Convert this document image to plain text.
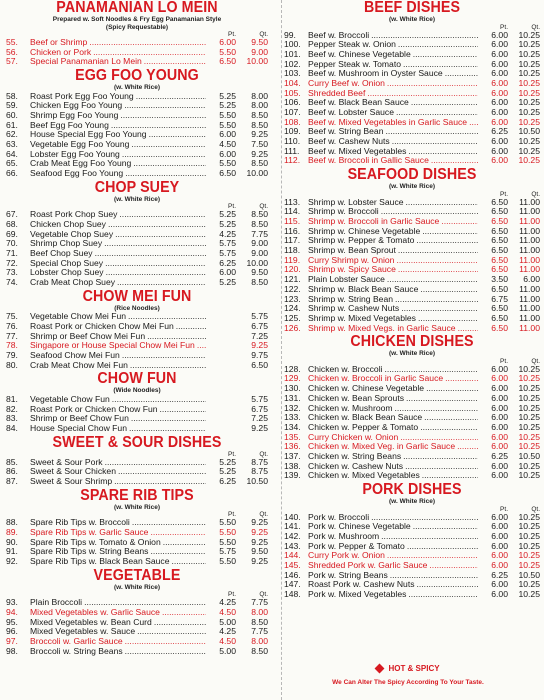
PANAMANIAN LO MEIN
Prepared w. Soft Noodles & Fry Egg Panamanian Style
(Spicy Requestable)
Pt.	Qt.
55.	Beef or Shrimp .....	6.00	9.50
56.	Chicken or Pork .....	5.50	9.00
57.	Special Panamanian Lo Mein .....	6.50	10.00
EGG FOO YOUNG
(w. White Rice)
58.	Roast Pork Egg Foo Young .....	5.25	8.00
59.	Chicken Egg Foo Young .....	5.25	8.00
60.	Shrimp Egg Foo Young .....	5.50	8.50
61.	Beef Egg Foo Young .....	5.50	8.50
62.	House Special Egg Foo Young .....	6.00	9.25
63.	Vegetable Egg Foo Young .....	4.50	7.50
64.	Lobster Egg Foo Young .....	6.00	9.25
65.	Crab Meat Egg Foo Young .....	5.50	8.50
66.	Seafood Egg Foo Young .....	6.50	10.00
CHOP SUEY
(w. White Rice)
Pt.	Qt.
67.	Roast Pork Chop Suey .....	5.25	8.50
68.	Chicken Chop Suey .....	5.25	8.50
69.	Vegetable Chop Suey .....	4.25	7.75
70.	Shrimp Chop Suey .....	5.75	9.00
71.	Beef Chop Suey .....	5.75	9.00
72.	Special Chop Suey .....	6.25	10.00
73.	Lobster Chop Suey .....	6.00	9.50
74.	Crab Meat Chop Suey .....	5.25	8.50
CHOW MEI FUN
(Rice Noodles)
75.	Vegetable Chow Mei Fun .....	5.75
76.	Roast Pork or Chicken Chow Mei Fun .....	6.75
77.	Shrimp or Beef Chow Mei Fun .....	7.25
78.	Singapore or House Special Chow Mei Fun .....	9.25
79.	Seafood Chow Mei Fun .....	9.75
80.	Crab Meat Chow Mei Fun .....	6.50
CHOW FUN
(Wide Noodles)
81.	Vegetable Chow Fun .....	5.75
82.	Roast Pork or Chicken Chow Fun .....	6.75
83.	Shrimp or Beef Chow Fun .....	7.25
84.	House Special Chow Fun .....	9.25
SWEET & SOUR DISHES
Pt.	Qt.
85.	Sweet & Sour Pork .....	5.25	8.75
86.	Sweet & Sour Chicken .....	5.25	8.75
87.	Sweet & Sour Shrimp .....	6.25	10.50
SPARE RIB TIPS
(w. White Rice)
Pt.	Qt.
88.	Spare Rib Tips w. Broccoli .....	5.50	9.25
89.	Spare Rib Tips w. Garlic Sauce .....	5.50	9.25
90.	Spare Rib Tips w. Tomato & Onion .....	5.50	9.25
91.	Spare Rib Tips w. String Beans .....	5.75	9.50
92.	Spare Rib Tips w. Black Bean Sauce .....	5.50	9.25
VEGETABLE
(w. White Rice)
Pt.	Qt.
93.	Plain Broccoli .....	4.25	7.75
94.	Mixed Vegetables w. Garlic Sauce .....	4.50	8.00
95.	Mixed Vegetables w. Bean Curd .....	5.00	8.50
96.	Mixed Vegetables w. Sauce .....	4.25	7.75
97.	Broccoli w. Garlic Sauce .....	4.50	8.00
98.	Broccoli w. String Beans .....	5.00	8.50
BEEF DISHES
(w. White Rice)
Pt.	Qt.
99.	Beef w. Broccoli .....	6.00	10.25
100. Pepper Steak w. Onion .....	6.00	10.25
101. Beef w. Chinese Vegetable .....	6.00	10.25
102. Pepper Steak w. Tomato .....	6.00	10.25
103. Beef w. Mushroom in Oyster Sauce .....	6.00	10.25
104. Curry Beef w. Onion .....	6.00	10.25
105. Shredded Beef .....	6.00	10.25
106. Beef w. Black Bean Sauce .....	6.00	10.25
107. Beef w. Lobster Sauce .....	6.00	10.25
108. Beef w. Mixed Vegetables in Garlic Sauce .....	6.00	10.25
109. Beef w. String Bean .....	6.25	10.50
110. Beef w. Cashew Nuts .....	6.00	10.25
111. Beef w. Mixed Vegetables .....	6.00	10.25
112. Beef w. Broccoli in Gallic Sauce .....	6.00	10.25
SEAFOOD DISHES
(w. White Rice)
Pt.	Qt.
113. Shrimp w. Lobster Sauce .....	6.50	11.00
114. Shrimp w. Broccoli .....	6.50	11.00
115. Shrimp w. Broccoli in Garlic Sauce .....	6.50	11.00
116. Shrimp w. Chinese Vegetable .....	6.50	11.00
117. Shrimp w. Pepper & Tomato .....	6.50	11.00
118. Shrimp w. Bean Sprout .....	6.50	11.00
119. Curry Shrimp w. Onion .....	6.50	11.00
120. Shrimp w. Spicy Sauce .....	6.50	11.00
121. Plain Lobster Sauce .....	3.50	6.00
122. Shrimp w. Black Bean Sauce .....	6.50	11.00
123. Shrimp w. String Bean .....	6.75	11.00
124. Shrimp w. Cashew Nuts .....	6.50	11.00
125. Shrimp w. Mixed Vegetables .....	6.50	11.00
126. Shrimp w. Mixed Vegs. in Garlic Sauce .....	6.50	11.00
CHICKEN DISHES
(w. White Rice)
Pt.	Qt.
128. Chicken w. Broccoli .....	6.00	10.25
129. Chicken w. Broccoli in Garlic Sauce .....	6.00	10.25
130. Chicken w. Chinese Vegetable .....	6.00	10.25
131. Chicken w. Bean Sprouts .....	6.00	10.25
132. Chicken w. Mushroom .....	6.00	10.25
133. Chicken w. Black Bean Sauce .....	6.00	10.25
134. Chicken w. Pepper & Tomato .....	6.00	10.25
135. Curry Chicken w. Onion .....	6.00	10.25
136. Chicken w. Mixed Veg. in Garlic Sauce .....	6.00	10.25
137. Chicken w. String Beans .....	6.25	10.50
138. Chicken w. Cashew Nuts .....	6.00	10.25
139. Chicken w. Mixed Vegetables .....	6.00	10.25
PORK DISHES
(w. White Rice)
Pt.	Qt.
140. Pork w. Broccoli .....	6.00	10.25
141. Pork w. Chinese Vegetable .....	6.00	10.25
142. Pork w. Mushroom .....	6.00	10.25
143. Pork w. Pepper & Tomato .....	6.00	10.25
144. Curry Pork w. Onion .....	6.00	10.25
145. Shredded Pork w. Garlic Sauce .....	6.00	10.25
146. Pork w. String Beans .....	6.25	10.50
147. Roast Pork w. Cashew Nuts .....	6.00	10.25
148. Pork w. Mixed Vegetables .....	6.00	10.25
HOT & SPICY
We Can Alter The Spicy According To Your Taste.
